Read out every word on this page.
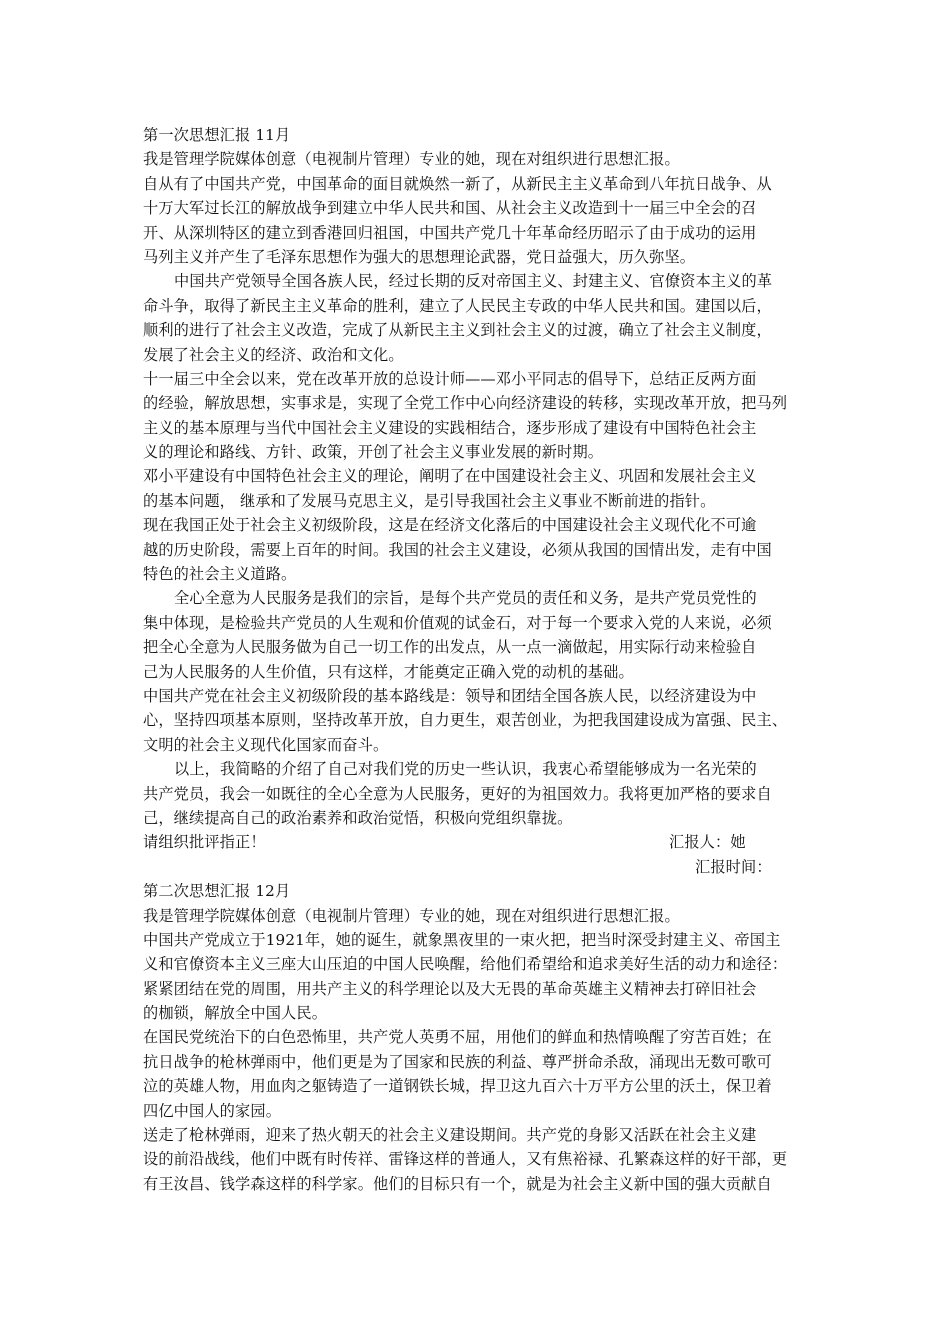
第一次思想汇报 11月
我是管理学院媒体创意（电视制片管理）专业的她，现在对组织进行思想汇报。
自从有了中国共产党，中国革命的面目就焕然一新了，从新民主主义革命到八年抗日战争、从
十万大军过长江的解放战争到建立中华人民共和国、从社会主义改造到十一届三中全会的召
开、从深圳特区的建立到香港回归祖国，中国共产党几十年革命经历昭示了由于成功的运用
马列主义并产生了毛泽东思想作为强大的思想理论武器，党日益强大，历久弥坚。
中国共产党领导全国各族人民，经过长期的反对帝国主义、封建主义、官僚资本主义的革
命斗争，取得了新民主主义革命的胜利，建立了人民民主专政的中华人民共和国。建国以后，
顺利的进行了社会主义改造，完成了从新民主主义到社会主义的过渡，确立了社会主义制度，
发展了社会主义的经济、政治和文化。
十一届三中全会以来，党在改革开放的总设计师——邓小平同志的倡导下，总结正反两方面
的经验，解放思想，实事求是，实现了全党工作中心向经济建设的转移，实现改革开放，把马列
主义的基本原理与当代中国社会主义建设的实践相结合，逐步形成了建设有中国特色社会主
义的理论和路线、方针、政策，开创了社会主义事业发展的新时期。
邓小平建设有中国特色社会主义的理论，阐明了在中国建设社会主义、巩固和发展社会主义
的基本问题， 继承和了发展马克思主义，是引导我国社会主义事业不断前进的指针。
现在我国正处于社会主义初级阶段，这是在经济文化落后的中国建设社会主义现代化不可逾
越的历史阶段，需要上百年的时间。我国的社会主义建设，必须从我国的国情出发，走有中国
特色的社会主义道路。
全心全意为人民服务是我们的宗旨，是每个共产党员的责任和义务，是共产党员党性的
集中体现，是检验共产党员的人生观和价值观的试金石，对于每一个要求入党的人来说，必须
把全心全意为人民服务做为自己一切工作的出发点，从一点一滴做起，用实际行动来检验自
己为人民服务的人生价值，只有这样，才能奠定正确入党的动机的基础。
中国共产党在社会主义初级阶段的基本路线是：领导和团结全国各族人民，以经济建设为中
心，坚持四项基本原则，坚持改革开放，自力更生，艰苦创业，为把我国建设成为富强、民主、
文明的社会主义现代化国家而奋斗。
以上，我简略的介绍了自己对我们党的历史一些认识，我衷心希望能够成为一名光荣的
共产党员，我会一如既往的全心全意为人民服务，更好的为祖国效力。我将更加严格的要求自
己，继续提高自己的政治素养和政治觉悟，积极向党组织靠拢。
请组织批评指正！	汇报人：她
汇报时间：
第二次思想汇报 12月
我是管理学院媒体创意（电视制片管理）专业的她，现在对组织进行思想汇报。
中国共产党成立于1921年，她的诞生，就象黑夜里的一束火把，把当时深受封建主义、帝国主
义和官僚资本主义三座大山压迫的中国人民唤醒，给他们希望给和追求美好生活的动力和途径：
紧紧团结在党的周围，用共产主义的科学理论以及大无畏的革命英雄主义精神去打碎旧社会
的枷锁，解放全中国人民。
在国民党统治下的白色恐怖里，共产党人英勇不屈，用他们的鲜血和热情唤醒了穷苦百姓；在
抗日战争的枪林弹雨中，他们更是为了国家和民族的利益、尊严拼命杀敌，涌现出无数可歌可
泣的英雄人物，用血肉之躯铸造了一道钢铁长城，捍卫这九百六十万平方公里的沃土，保卫着
四亿中国人的家园。
送走了枪林弹雨，迎来了热火朝天的社会主义建设期间。共产党的身影又活跃在社会主义建
设的前沿战线，他们中既有时传祥、雷锋这样的普通人，又有焦裕禄、孔繁森这样的好干部，更
有王汝昌、钱学森这样的科学家。他们的目标只有一个，就是为社会主义新中国的强大贡献自
